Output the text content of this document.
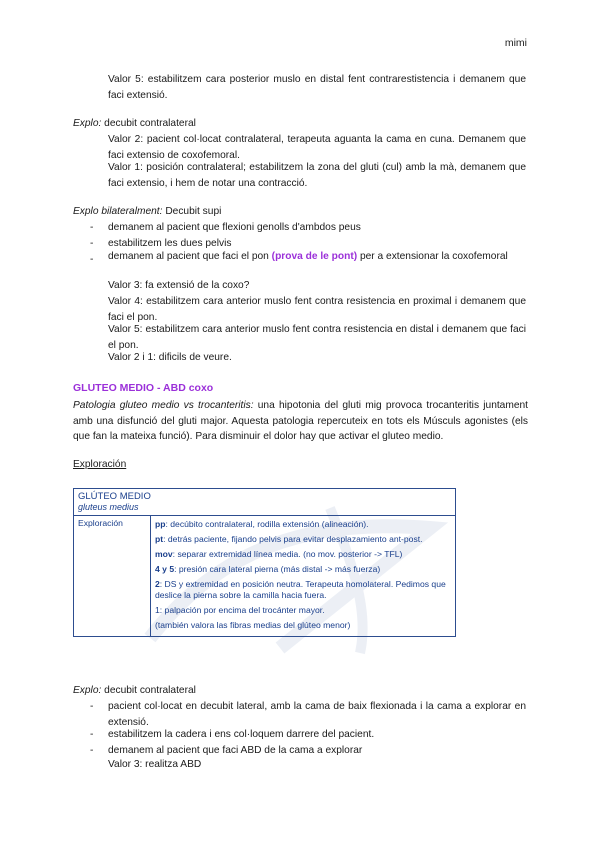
mimi
Valor 5: estabilitzem cara posterior muslo en distal fent contrarestistencia i demanem que faci extensió.
Explo: decubit contralateral
Valor 2: pacient col·locat contralateral, terapeuta aguanta la cama en cuna. Demanem que faci extensio de coxofemoral.
Valor 1: posición contralateral; estabilitzem la zona del gluti (cul) amb la mà, demanem que faci extensio, i hem de notar una contracció.
Explo bilateralment: Decubit supi
-	demanem al pacient que flexioni genolls d'ambdos peus
-	estabilitzem les dues pelvis
-	demanem al pacient que faci el pon (prova de le pont) per a extensionar la coxofemoral
Valor 3: fa extensió de la coxo?
Valor 4: estabilitzem cara anterior muslo fent contra resistencia en proximal i demanem que faci el pon.
Valor 5: estabilitzem cara anterior muslo fent contra resistencia en distal i demanem que faci el pon.
Valor 2 i 1: dificils de veure.
GLUTEO MEDIO - ABD coxo
Patologia gluteo medio vs trocanteritis: una hipotonia del gluti mig provoca trocanteritis juntament amb una disfunció del gluti major. Aquesta patologia repercuteix en tots els Músculs agonistes (els que fan la mateixa funció). Para disminuir el dolor hay que activar el gluteo medio.
Exploración
GLÚTEO MEDIO
gluteus medius

Exploración	pp: decúbito contralateral, rodilla extensión (alineación).
pt: detrás paciente, fijando pelvis para evitar desplazamiento ant-post.
mov: separar extremidad línea media. (no mov. posterior -> TFL)
4 y 5: presión cara lateral pierna (más distal -> más fuerza)
2: DS y extremidad en posición neutra. Terapeuta homolateral. Pedimos que deslice la pierna sobre la camilla hacia fuera.
1: palpación por encima del trocánter mayor.
(también valora las fibras medias del glúteo menor)
Explo: decubit contralateral
-	pacient col·locat en decubit lateral, amb la cama de baix flexionada i la cama a explorar en extensió.
-	estabilitzem la cadera i ens col·loquem darrere del pacient.
-	demanem al pacient que faci ABD de la cama a explorar
Valor 3: realitza ABD
